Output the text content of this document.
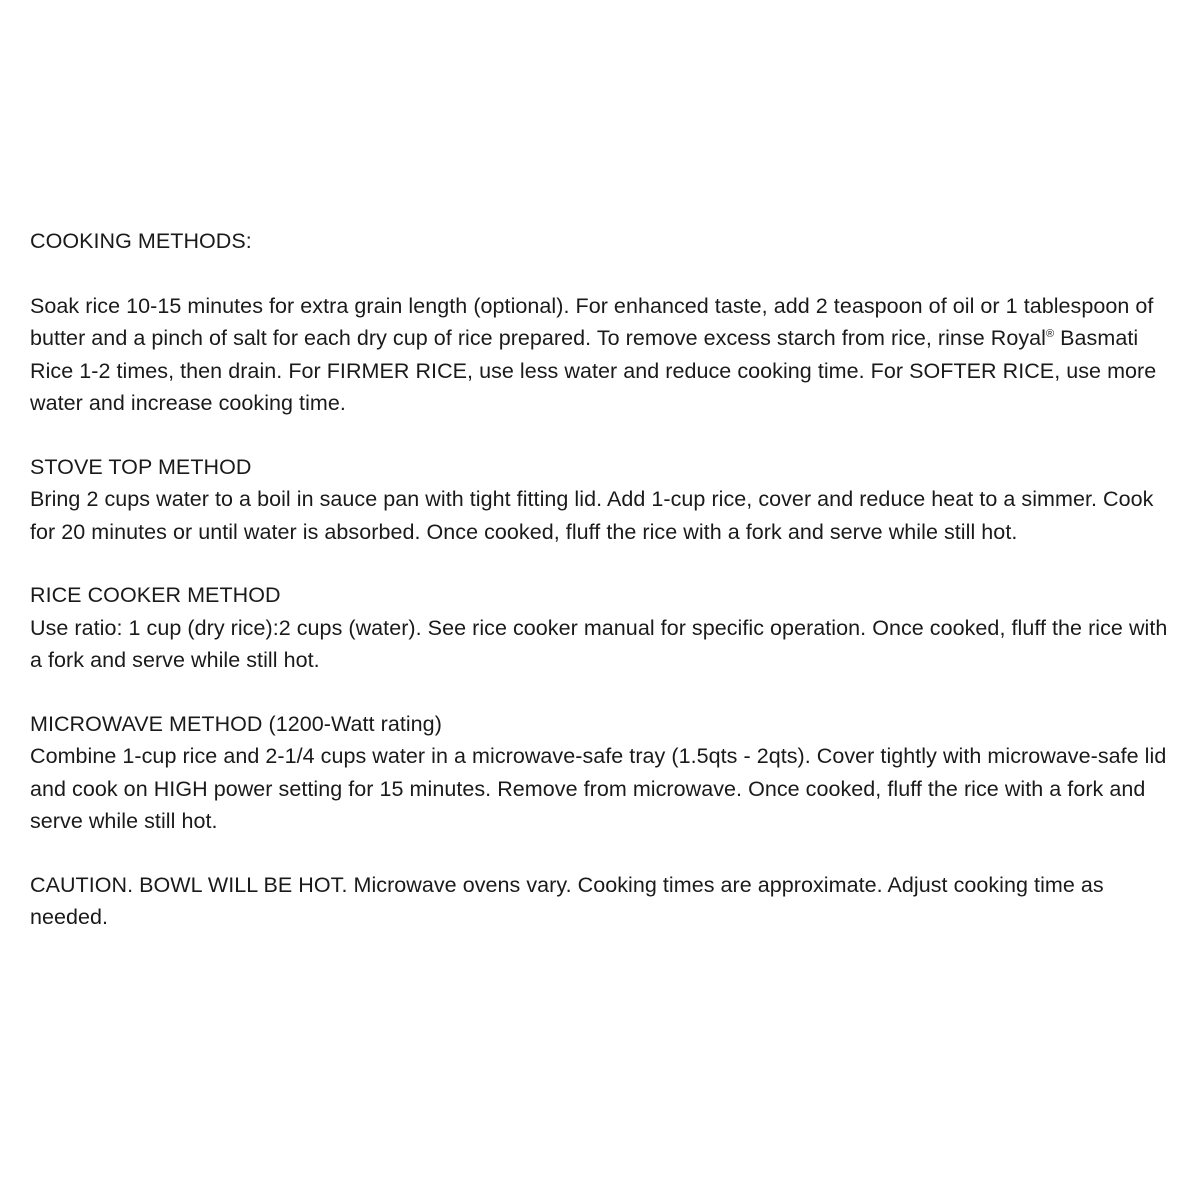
COOKING METHODS:

Soak rice 10-15 minutes for extra grain length (optional). For enhanced taste, add 2 teaspoon of oil or 1 tablespoon of butter and a pinch of salt for each dry cup of rice prepared. To remove excess starch from rice, rinse Royal® Basmati Rice 1-2 times, then drain. For FIRMER RICE, use less water and reduce cooking time. For SOFTER RICE, use more water and increase cooking time.

STOVE TOP METHOD

Bring 2 cups water to a boil in sauce pan with tight fitting lid. Add 1-cup rice, cover and reduce heat to a simmer. Cook for 20 minutes or until water is absorbed. Once cooked, fluff the rice with a fork and serve while still hot.

RICE COOKER METHOD

Use ratio: 1 cup (dry rice):2 cups (water). See rice cooker manual for specific operation. Once cooked, fluff the rice with a fork and serve while still hot.

MICROWAVE METHOD (1200-Watt rating)

Combine 1-cup rice and 2-1/4 cups water in a microwave-safe tray (1.5qts - 2qts). Cover tightly with microwave-safe lid and cook on HIGH power setting for 15 minutes. Remove from microwave. Once cooked, fluff the rice with a fork and serve while still hot.

CAUTION. BOWL WILL BE HOT. Microwave ovens vary. Cooking times are approximate. Adjust cooking time as needed.
